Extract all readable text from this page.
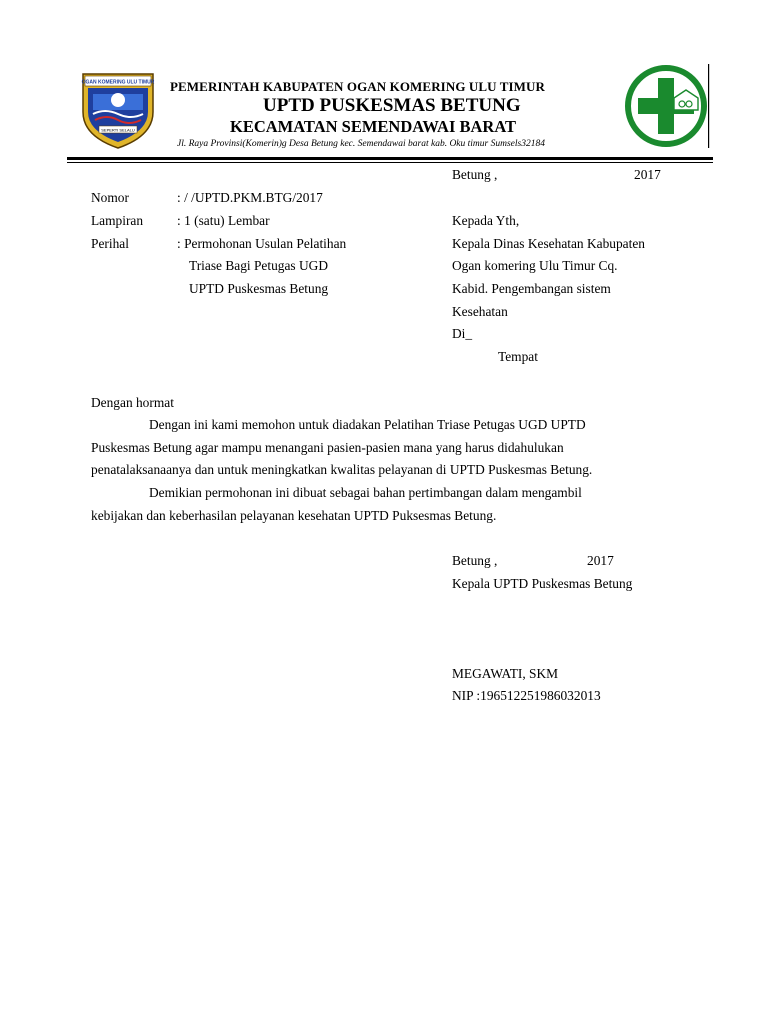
OGAN KOMERING ULU TIMUR
SEPERTI SELALU
PEMERINTAH KABUPATEN OGAN KOMERING ULU TIMUR
UPTD PUSKESMAS BETUNG
KECAMATAN SEMENDAWAI BARAT
Jl. Raya Provinsi(Komerin)g Desa Betung kec. Semendawai barat kab. Oku timur Sumsels32184
Betung ,	2017
Nomor	: / /UPTD.PKM.BTG/2017
Lampiran	: 1 (satu) Lembar
Perihal	: Permohonan Usulan Pelatihan
Triase Bagi Petugas UGD
UPTD Puskesmas Betung
Kepada Yth,
Kepala Dinas Kesehatan Kabupaten
Ogan komering Ulu Timur Cq.
Kabid. Pengembangan sistem
Kesehatan
Di_
Tempat
Dengan hormat
Dengan ini kami memohon untuk diadakan Pelatihan Triase Petugas UGD UPTD
Puskesmas Betung agar mampu menangani pasien-pasien mana yang harus didahulukan
penatalaksanaanya dan untuk meningkatkan kwalitas pelayanan di UPTD Puskesmas Betung.
Demikian permohonan ini dibuat sebagai bahan pertimbangan dalam mengambil
kebijakan dan keberhasilan pelayanan kesehatan UPTD Puksesmas Betung.
Betung ,	2017
Kepala UPTD Puskesmas Betung
MEGAWATI, SKM
NIP :196512251986032013
